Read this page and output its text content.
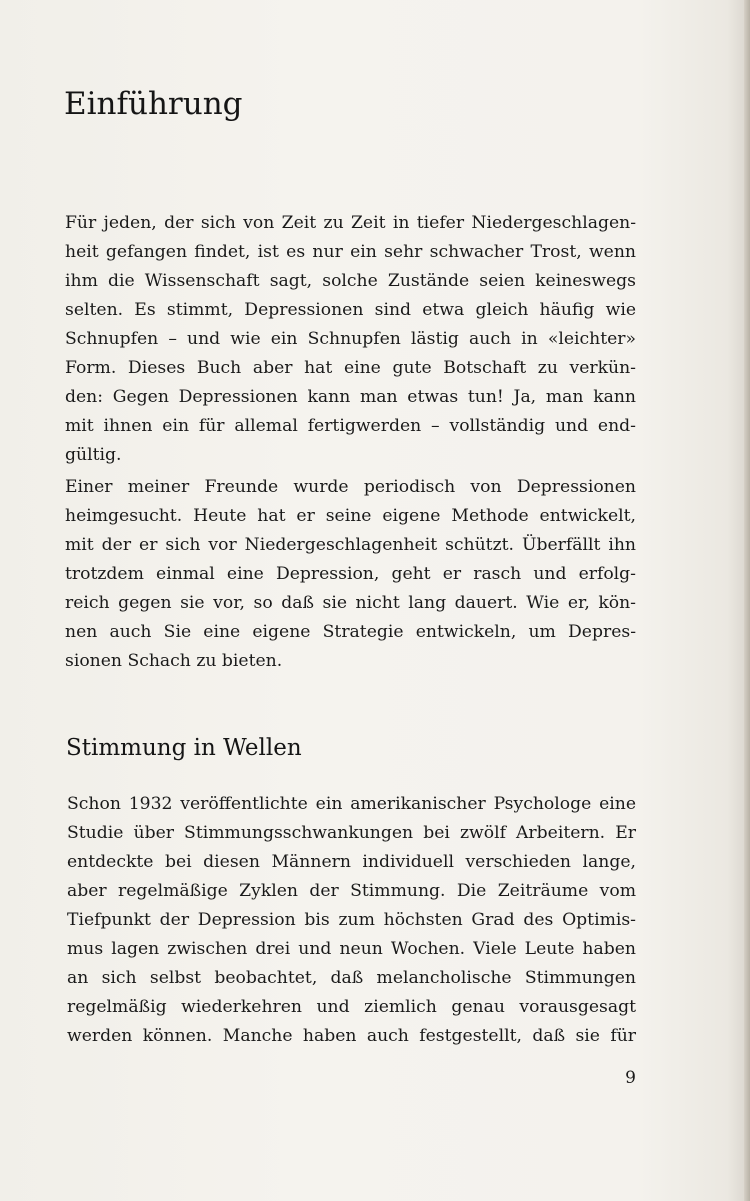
Einführung
Für jeden, der sich von Zeit zu Zeit in tiefer Niedergeschlagen-
heit gefangen findet, ist es nur ein sehr schwacher Trost, wenn
ihm die Wissenschaft sagt, solche Zustände seien keineswegs
selten. Es stimmt, Depressionen sind etwa gleich häufig wie
Schnupfen – und wie ein Schnupfen lästig auch in «leichter»
Form. Dieses Buch aber hat eine gute Botschaft zu verkün-
den: Gegen Depressionen kann man etwas tun! Ja, man kann
mit ihnen ein für allemal fertigwerden – vollständig und end-
gültig.
Einer meiner Freunde wurde periodisch von Depressionen
heimgesucht. Heute hat er seine eigene Methode entwickelt,
mit der er sich vor Niedergeschlagenheit schützt. Überfällt ihn
trotzdem einmal eine Depression, geht er rasch und erfolg-
reich gegen sie vor, so daß sie nicht lang dauert. Wie er, kön-
nen auch Sie eine eigene Strategie entwickeln, um Depres-
sionen Schach zu bieten.
Stimmung in Wellen
Schon 1932 veröffentlichte ein amerikanischer Psychologe eine
Studie über Stimmungsschwankungen bei zwölf Arbeitern. Er
entdeckte bei diesen Männern individuell verschieden lange,
aber regelmäßige Zyklen der Stimmung. Die Zeiträume vom
Tiefpunkt der Depression bis zum höchsten Grad des Optimis-
mus lagen zwischen drei und neun Wochen. Viele Leute haben
an sich selbst beobachtet, daß melancholische Stimmungen
regelmäßig wiederkehren und ziemlich genau vorausgesagt
werden können. Manche haben auch festgestellt, daß sie für
9
